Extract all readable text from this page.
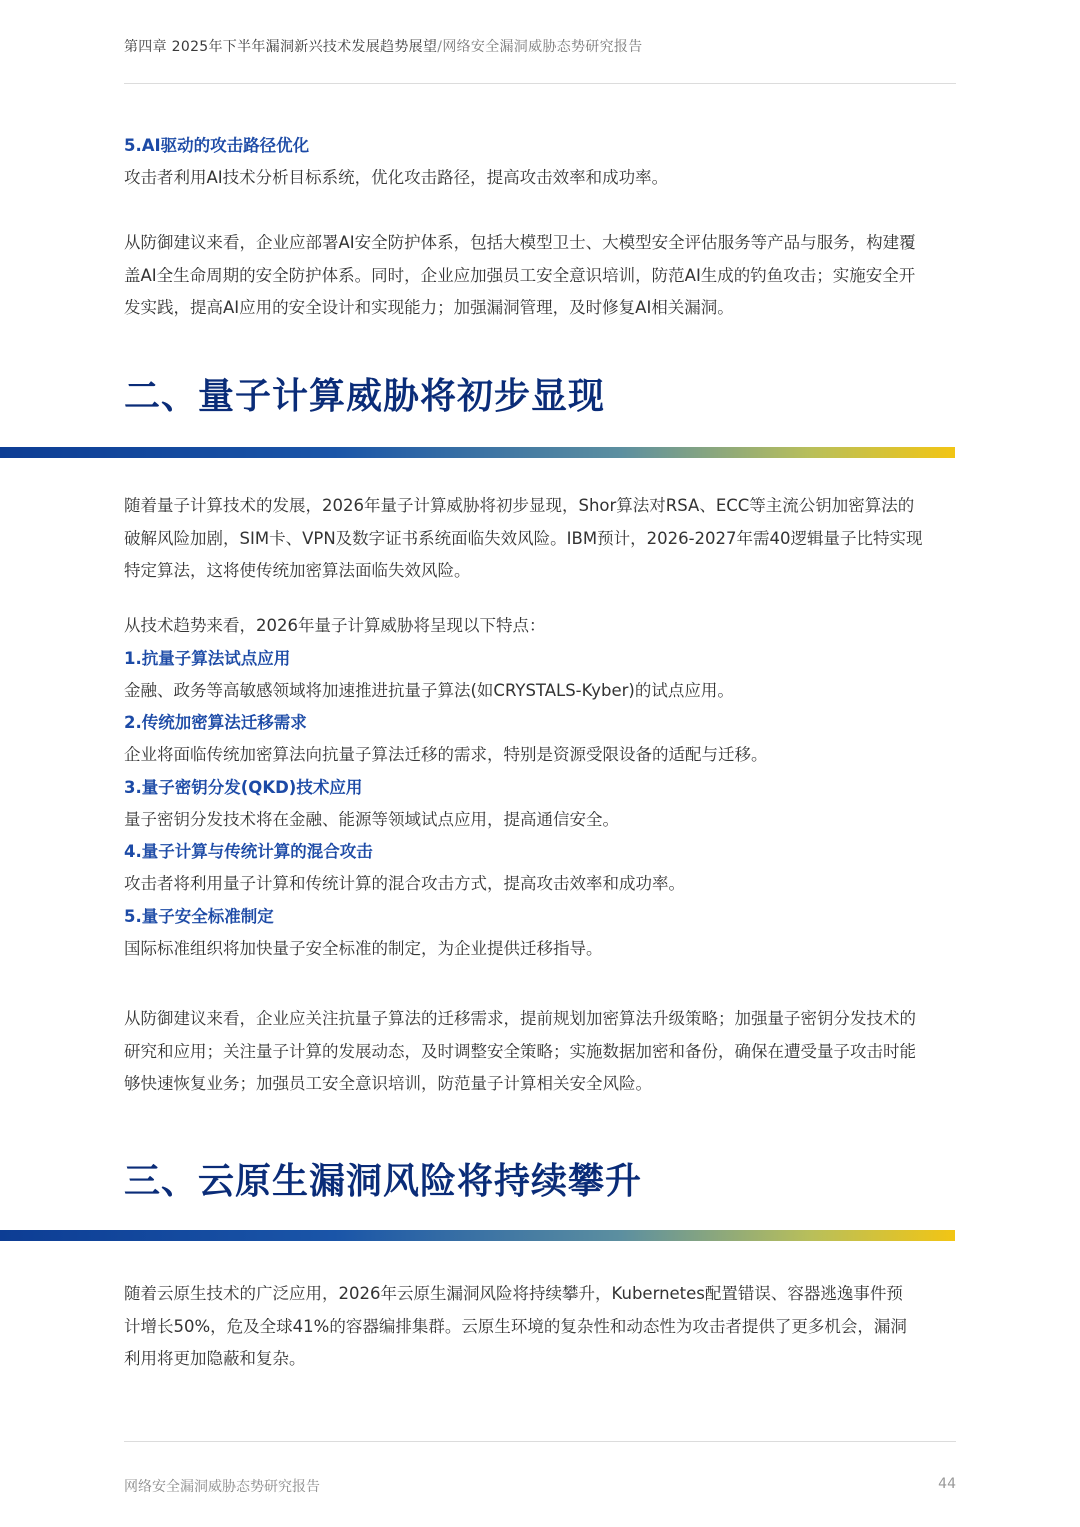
第四章 2025年下半年漏洞新兴技术发展趋势展望/网络安全漏洞威胁态势研究报告
5.AI驱动的攻击路径优化

攻击者利用AI技术分析目标系统，优化攻击路径，提高攻击效率和成功率。

从防御建议来看，企业应部署AI安全防护体系，包括大模型卫士、大模型安全评估服务等产品与服务，构建覆

盖AI全生命周期的安全防护体系。同时，企业应加强员工安全意识培训，防范AI生成的钓鱼攻击；实施安全开

发实践，提高AI应用的安全设计和实现能力；加强漏洞管理，及时修复AI相关漏洞。

二、量子计算威胁将初步显现

随着量子计算技术的发展，2026年量子计算威胁将初步显现，Shor算法对RSA、ECC等主流公钥加密算法的

破解风险加剧，SIM卡、VPN及数字证书系统面临失效风险。IBM预计，2026-2027年需40逻辑量子比特实现

特定算法，这将使传统加密算法面临失效风险。

从技术趋势来看，2026年量子计算威胁将呈现以下特点：

1.抗量子算法试点应用

金融、政务等高敏感领域将加速推进抗量子算法(如CRYSTALS-Kyber)的试点应用。

2.传统加密算法迁移需求

企业将面临传统加密算法向抗量子算法迁移的需求，特别是资源受限设备的适配与迁移。

3.量子密钥分发(QKD)技术应用

量子密钥分发技术将在金融、能源等领域试点应用，提高通信安全。

4.量子计算与传统计算的混合攻击

攻击者将利用量子计算和传统计算的混合攻击方式，提高攻击效率和成功率。

5.量子安全标准制定

国际标准组织将加快量子安全标准的制定，为企业提供迁移指导。

从防御建议来看，企业应关注抗量子算法的迁移需求，提前规划加密算法升级策略；加强量子密钥分发技术的

研究和应用；关注量子计算的发展动态，及时调整安全策略；实施数据加密和备份，确保在遭受量子攻击时能

够快速恢复业务；加强员工安全意识培训，防范量子计算相关安全风险。

三、云原生漏洞风险将持续攀升

随着云原生技术的广泛应用，2026年云原生漏洞风险将持续攀升，Kubernetes配置错误、容器逃逸事件预

计增长50%，危及全球41%的容器编排集群。云原生环境的复杂性和动态性为攻击者提供了更多机会，漏洞

利用将更加隐蔽和复杂。

网络安全漏洞威胁态势研究报告	44
